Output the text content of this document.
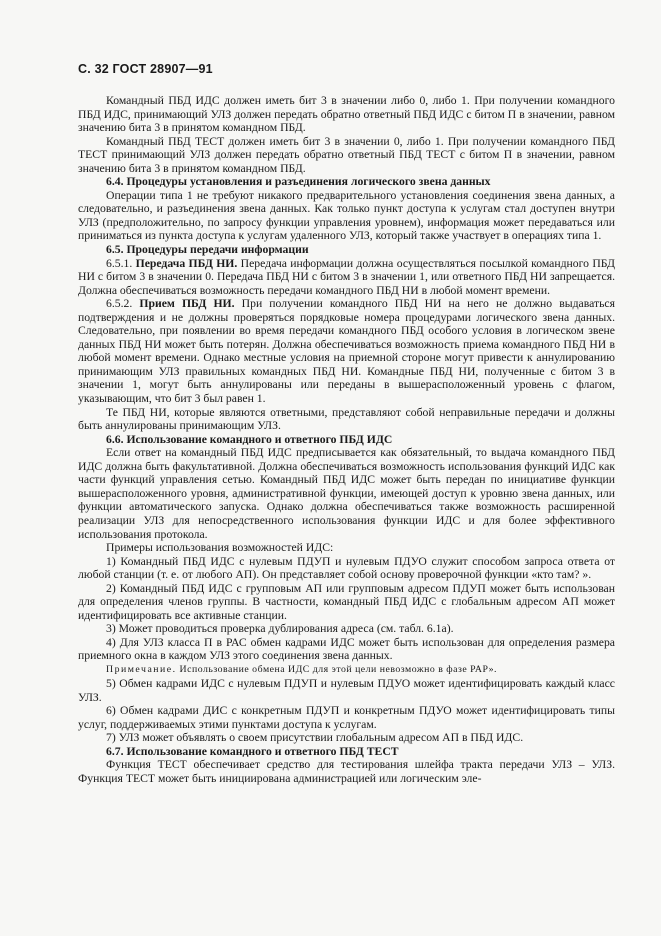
С. 32 ГОСТ 28907—91

Командный ПБД ИДС должен иметь бит 3 в значении либо 0, либо 1. При получении командного ПБД ИДС, принимающий УЛЗ должен передать обратно ответный ПБД ИДС с битом П в значении, равном значению бита 3 в принятом командном ПБД.

Командный ПБД ТЕСТ должен иметь бит 3 в значении 0, либо 1. При получении командного ПБД ТЕСТ принимающий УЛЗ должен передать обратно ответный ПБД ТЕСТ с битом П в значении, равном значению бита 3 в принятом командном ПБД.

6.4. Процедуры установления и разъединения логического звена данных

Операции типа 1 не требуют никакого предварительного установления соединения звена данных, а следовательно, и разъединения звена данных. Как только пункт доступа к услугам стал доступен внутри УЛЗ (предположительно, по запросу функции управления уровнем), информация может передаваться или приниматься из пункта доступа к услугам удаленного УЛЗ, который также участвует в операциях типа 1.

6.5. Процедуры передачи информации

6.5.1. Передача ПБД НИ. Передача информации должна осуществляться посылкой командного ПБД НИ с битом 3 в значении 0. Передача ПБД НИ с битом 3 в значении 1, или ответного ПБД НИ запрещается. Должна обеспечиваться возможность передачи командного ПБД НИ в любой момент времени.

6.5.2. Прием ПБД НИ. При получении командного ПБД НИ на него не должно выдаваться подтверждения и не должны проверяться порядковые номера процедурами логического звена данных. Следовательно, при появлении во время передачи командного ПБД особого условия в логическом звене данных ПБД НИ может быть потерян. Должна обеспечиваться возможность приема командного ПБД НИ в любой момент времени. Однако местные условия на приемной стороне могут привести к аннулированию принимающим УЛЗ правильных командных ПБД НИ. Командные ПБД НИ, полученные с битом 3 в значении 1, могут быть аннулированы или переданы в вышерасположенный уровень с флагом, указывающим, что бит 3 был равен 1.

Те ПБД НИ, которые являются ответными, представляют собой неправильные передачи и должны быть аннулированы принимающим УЛЗ.

6.6. Использование командного и ответного ПБД ИДС

Если ответ на командный ПБД ИДС предписывается как обязательный, то выдача командного ПБД ИДС должна быть факультативной. Должна обеспечиваться возможность использования функций ИДС как части функций управления сетью. Командный ПБД ИДС может быть передан по инициативе функции вышерасположенного уровня, административной функции, имеющей доступ к уровню звена данных, или функции автоматического запуска. Однако должна обеспечиваться также возможность расширенной реализации УЛЗ для непосредственного использования функции ИДС и для более эффективного использования протокола.

Примеры использования возможностей ИДС:

1) Командный ПБД ИДС с нулевым ПДУП и нулевым ПДУО служит способом запроса ответа от любой станции (т. е. от любого АП). Он представляет собой основу проверочной функции «кто там? ».

2) Командный ПБД ИДС с групповым АП или групповым адресом ПДУП может быть использован для определения членов группы. В частности, командный ПБД ИДС с глобальным адресом АП может идентифицировать все активные станции.

3) Может проводиться проверка дублирования адреса (см. табл. 6.1а).

4) Для УЛЗ класса П в РАС обмен кадрами ИДС может быть использован для определения размера приемного окна в каждом УЛЗ этого соединения звена данных.

Примечание. Использование обмена ИДС для этой цели невозможно в фазе РАР».

5) Обмен кадрами ИДС с нулевым ПДУП и нулевым ПДУО может идентифицировать каждый класс УЛЗ.

6) Обмен кадрами ДИС с конкретным ПДУП и конкретным ПДУО может идентифицировать типы услуг, поддерживаемых этими пунктами доступа к услугам.

7) УЛЗ может объявлять о своем присутствии глобальным адресом АП в ПБД ИДС.

6.7. Использование командного и ответного ПБД ТЕСТ

Функция ТЕСТ обеспечивает средство для тестирования шлейфа тракта передачи УЛЗ – УЛЗ. Функция ТЕСТ может быть инициирована администрацией или логическим эле-
